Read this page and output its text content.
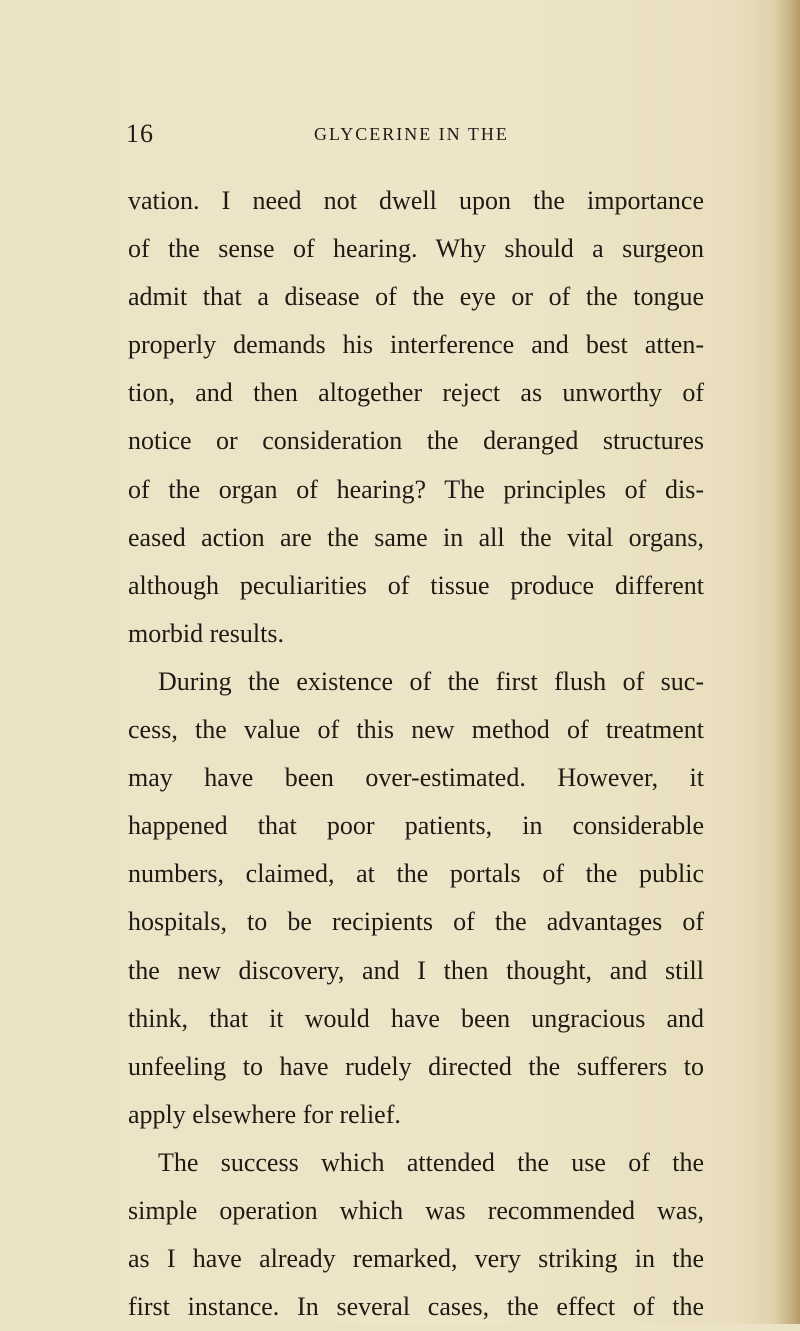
16	GLYCERINE IN THE
vation. I need not dwell upon the importance
of the sense of hearing. Why should a surgeon
admit that a disease of the eye or of the tongue
properly demands his interference and best atten-
tion, and then altogether reject as unworthy of
notice or consideration the deranged structures
of the organ of hearing? The principles of dis-
eased action are the same in all the vital organs,
although peculiarities of tissue produce different
morbid results.
During the existence of the first flush of suc-
cess, the value of this new method of treatment
may have been over-estimated. However, it
happened that poor patients, in considerable
numbers, claimed, at the portals of the public
hospitals, to be recipients of the advantages of
the new discovery, and I then thought, and still
think, that it would have been ungracious and
unfeeling to have rudely directed the sufferers to
apply elsewhere for relief.
The success which attended the use of the
simple operation which was recommended was,
as I have already remarked, very striking in the
first instance. In several cases, the effect of the
